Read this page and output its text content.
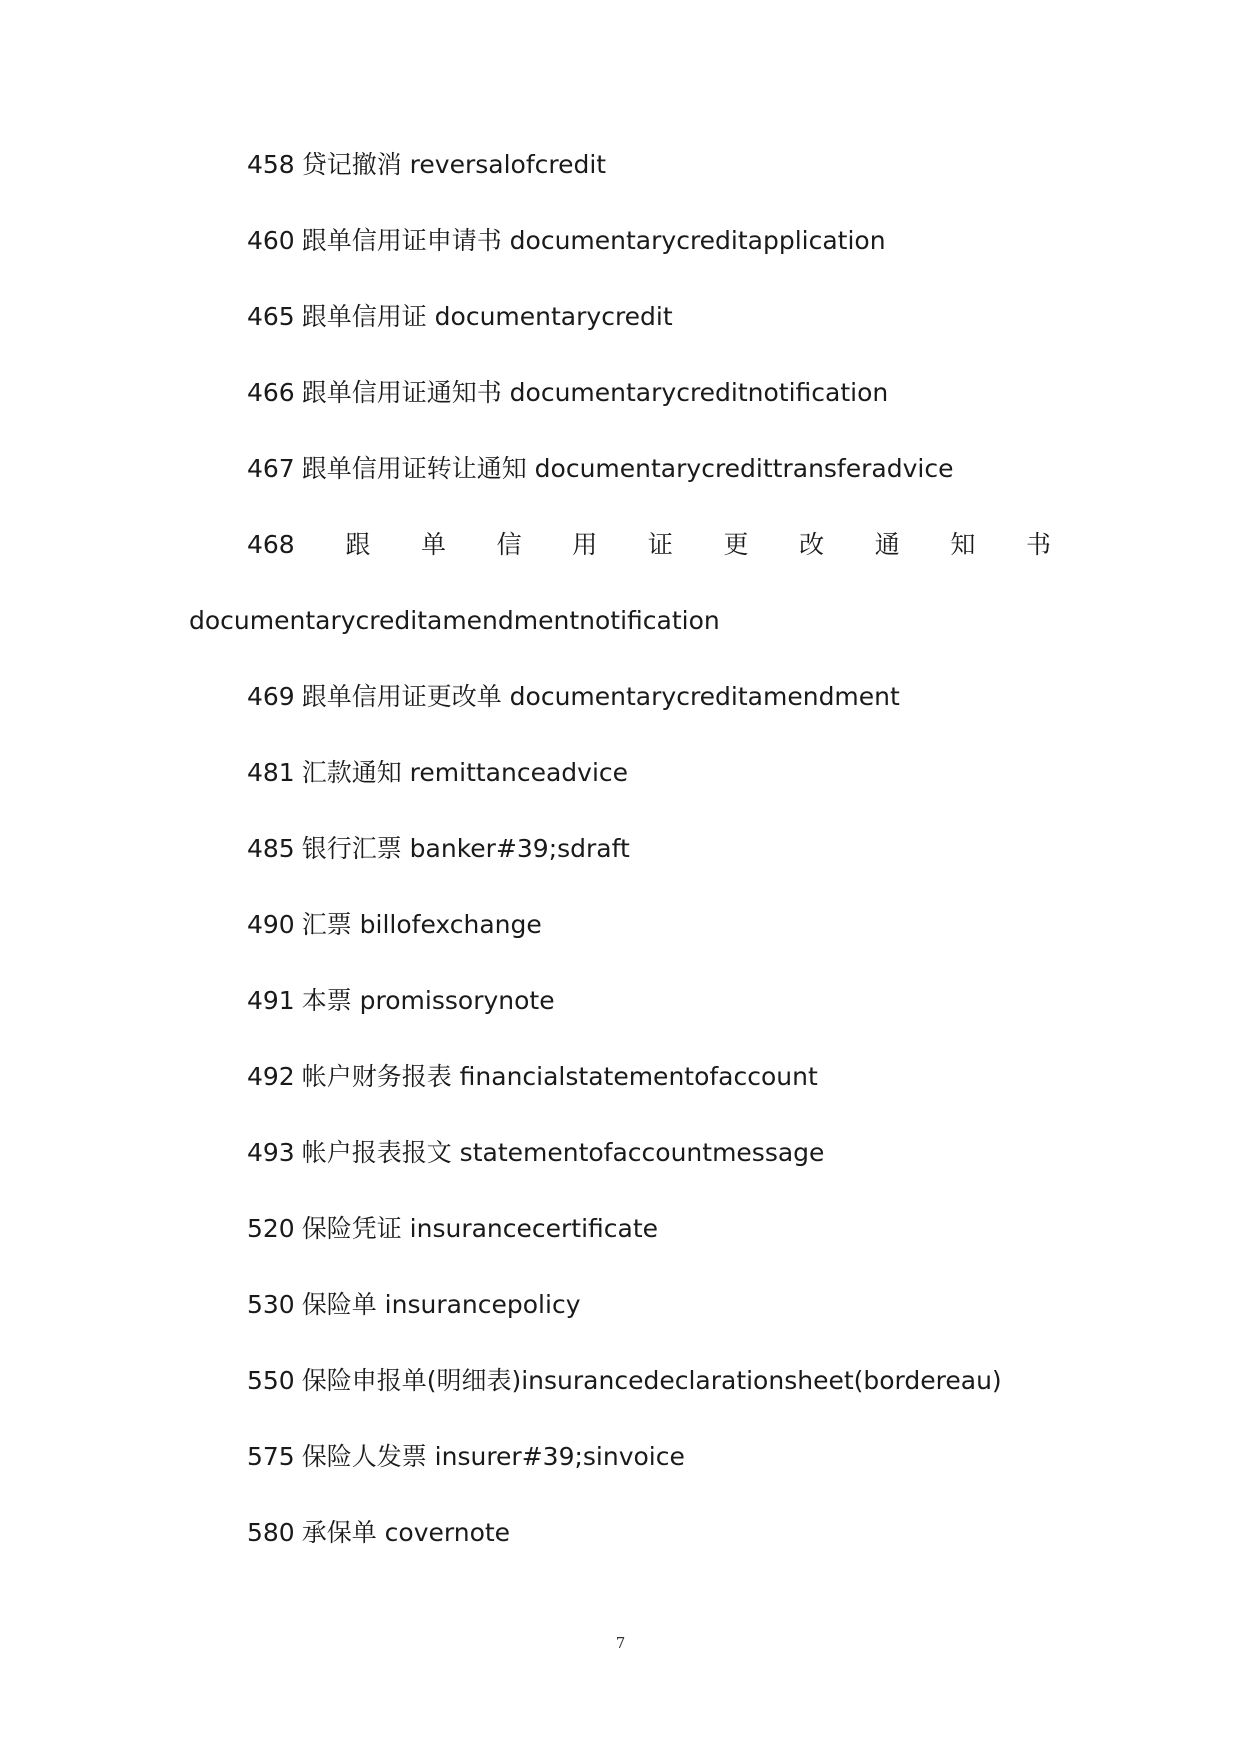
458 贷记撤消 reversalofcredit
460 跟单信用证申请书 documentarycreditapplication
465 跟单信用证 documentarycredit
466 跟单信用证通知书 documentarycreditnotification
467 跟单信用证转让通知 documentarycredittransferadvice
468 跟 单 信 用 证 更 改 通 知 书
documentarycreditamendmentnotification
469 跟单信用证更改单 documentarycreditamendment
481 汇款通知 remittanceadvice
485 银行汇票 banker#39;sdraft
490 汇票 billofexchange
491 本票 promissorynote
492 帐户财务报表 financialstatementofaccount
493 帐户报表报文 statementofaccountmessage
520 保险凭证 insurancecertificate
530 保险单 insurancepolicy
550 保险申报单(明细表)insurancedeclarationsheet(bordereau)
575 保险人发票 insurer#39;sinvoice
580 承保单 covernote
7
